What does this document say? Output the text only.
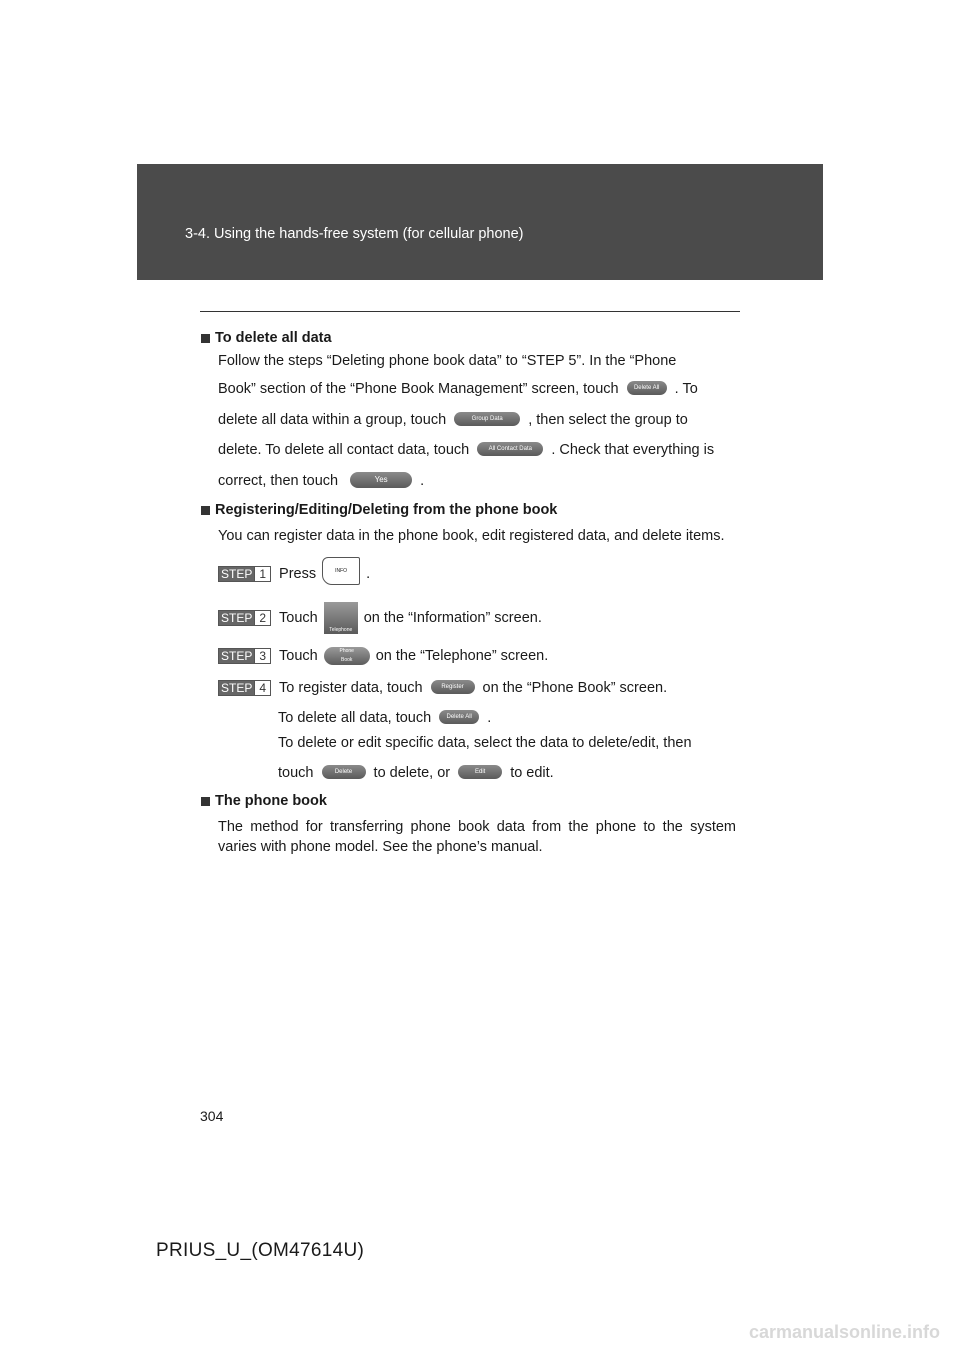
3-4. Using the hands-free system (for cellular phone)
To delete all data

Follow the steps “Deleting phone book data” to “STEP 5”. In the “Phone

Book” section of the “Phone Book Management” screen, touch	Delete All . To

delete all data within a group, touch	Group Data , then select the group to

delete. To delete all contact data, touch	All Contact Data . Check that everything is

correct, then touch	Yes .

Registering/Editing/Deleting from the phone book

You can register data in the phone book, edit registered data, and delete items.

STEP 1 Press	INFO	.
STEP 2 Touch
Telephone
on the “Information” screen.
STEP 3 Touch	Phone
Book	on the “Telephone” screen.
STEP 4 To register data, touch	Register	on the “Phone Book” screen.

To delete all data, touch	Delete All .

To delete or edit specific data, select the data to delete/edit, then

touch	Delete to delete, or	Edit to edit.

The phone book

The method for transferring phone book data from the phone to the system varies with phone model. See the phone’s manual.

304
PRIUS_U_(OM47614U)
carmanualsonline.info
